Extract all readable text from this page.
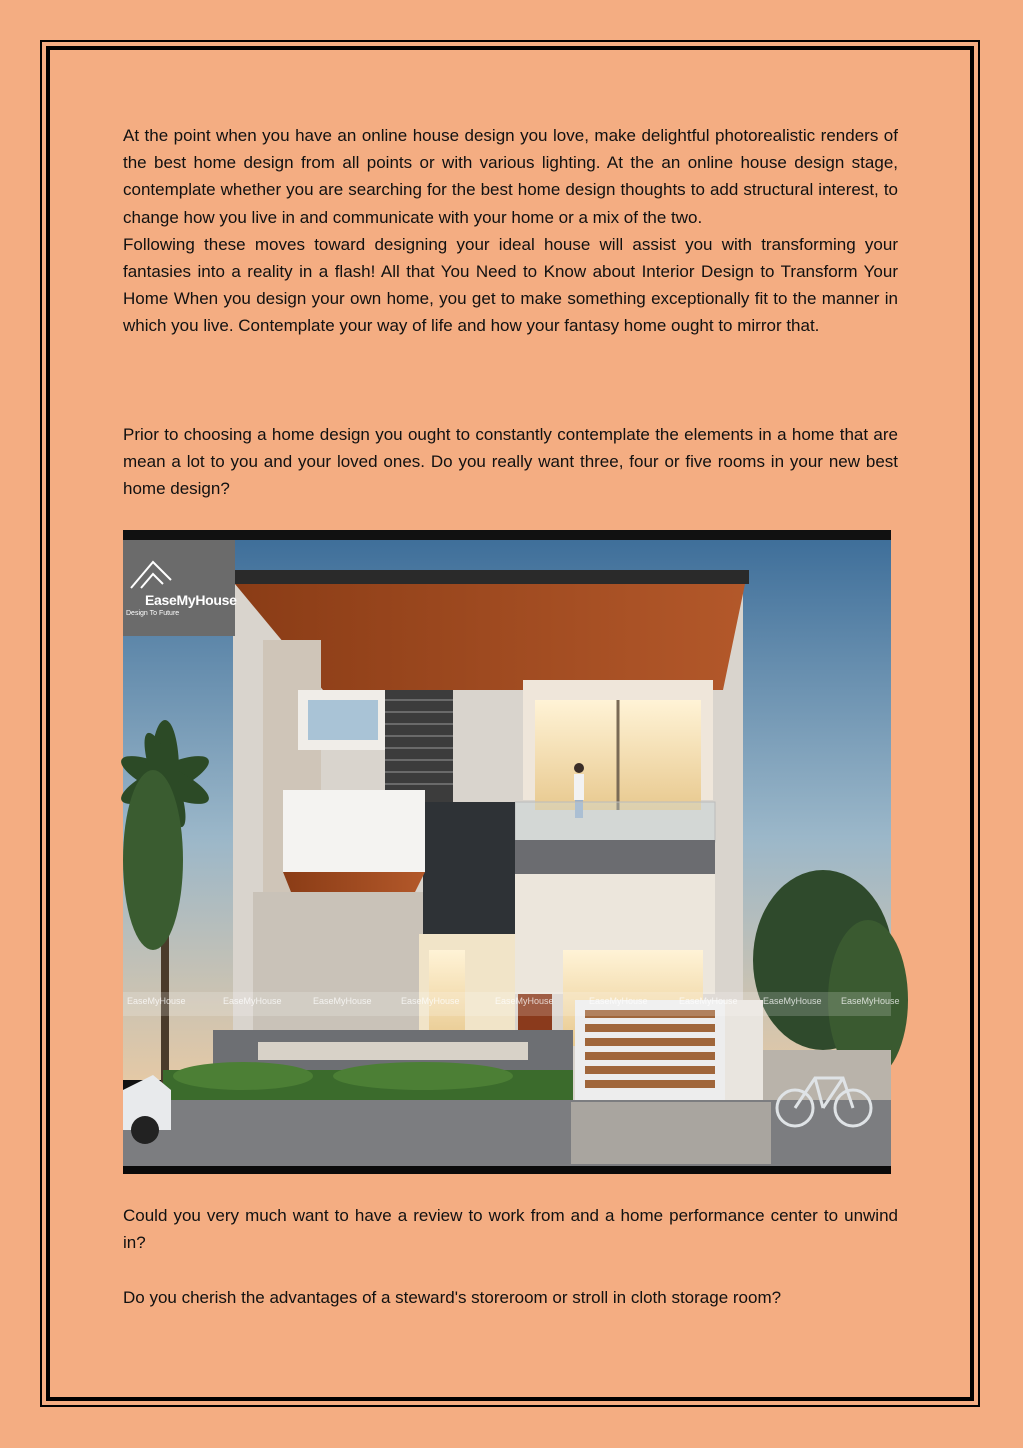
At the point when you have an online house design you love, make delightful photorealistic renders of the best home design from all points or with various lighting. At the an online house design stage, contemplate whether you are searching for the best home design thoughts to add structural interest, to change how you live in and communicate with your home or a mix of the two.

Following these moves toward designing your ideal house will assist you with transforming your fantasies into a reality in a flash! All that You Need to Know about Interior Design to Transform Your Home When you design your own home, you get to make something exceptionally fit to the manner in which you live. Contemplate your way of life and how your fantasy home ought to mirror that.

Prior to choosing a home design you ought to constantly contemplate the elements in a home that are mean a lot to you and your loved ones. Do you really want three, four or five rooms in your new best home design?

EaseMyHouse
Design To Future
EaseMyHouse	EaseMyHouse	EaseMyHouse	EaseMyHouse	EaseMyHouse	EaseMyHouse	EaseMyHouse	EaseMyHouse EaseMyHouse

Could you very much want to have a review to work from and a home performance center to unwind in?

Do you cherish the advantages of a steward's storeroom or stroll in cloth storage room?
